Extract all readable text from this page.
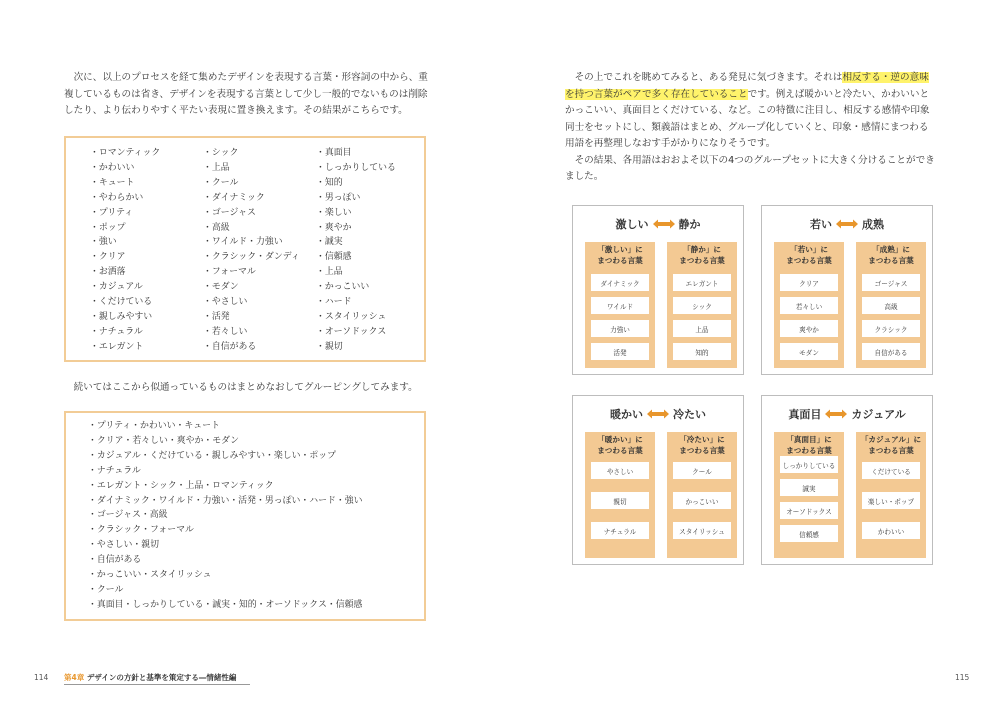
次に、以上のプロセスを経て集めたデザインを表現する言葉・形容詞の中から、重複しているものは省き、デザインを表現する言葉として少し一般的でないものは削除したり、より伝わりやすく平たい表現に置き換えます。その結果がこちらです。

・ロマンティック	・シック	・真面目
・かわいい	・上品	・しっかりしている
・キュート	・クール	・知的
・やわらかい	・ダイナミック	・男っぽい
・プリティ	・ゴージャス	・楽しい
・ポップ	・高級	・爽やか
・強い	・ワイルド・力強い	・誠実
・クリア	・クラシック・ダンディ	・信頼感
・お洒落	・フォーマル	・上品
・カジュアル	・モダン	・かっこいい
・くだけている	・やさしい	・ハード
・親しみやすい	・活発	・スタイリッシュ
・ナチュラル	・若々しい	・オーソドックス
・エレガント	・自信がある	・親切

続いてはここから似通っているものはまとめなおしてグルーピングしてみます。

・プリティ・かわいい・キュート
・クリア・若々しい・爽やか・モダン
・カジュアル・くだけている・親しみやすい・楽しい・ポップ
・ナチュラル
・エレガント・シック・上品・ロマンティック
・ダイナミック・ワイルド・力強い・活発・男っぽい・ハード・強い
・ゴージャス・高級
・クラシック・フォーマル
・やさしい・親切
・自信がある
・かっこいい・スタイリッシュ
・クール
・真面目・しっかりしている・誠実・知的・オーソドックス・信頼感

その上でこれを眺めてみると、ある発見に気づきます。それは相反する・逆の意味を持つ言葉がペアで多く存在していることです。例えば暖かいと冷たい、かわいいとかっこいい、真面目とくだけている、など。この特徴に注目し、相反する感情や印象同士をセットにし、類義語はまとめ、グループ化していくと、印象・感情にまつわる用語を再整理しなおす手がかりになりそうです。

その結果、各用語はおおよそ以下の4つのグループセットに大きく分けることができました。

激しい	静か
「激しい」に
まつわる言葉
ダイナミック
ワイルド
力強い
活発
「静か」に
まつわる言葉
エレガント
シック
上品
知的
若い	成熟
「若い」に
まつわる言葉
クリア
若々しい
爽やか
モダン
「成熟」に
まつわる言葉
ゴージャス
高級
クラシック
自信がある
暖かい	冷たい
「暖かい」に
まつわる言葉
やさしい
親切
ナチュラル
「冷たい」に
まつわる言葉
クール
かっこいい
スタイリッシュ
真面目	カジュアル
「真面目」に
まつわる言葉
しっかりしている
誠実
オーソドックス
信頼感
「カジュアル」に
まつわる言葉
くだけている
楽しい・ポップ
かわいい
114 第4章 デザインの方針と基準を策定する―情緒性編	115
